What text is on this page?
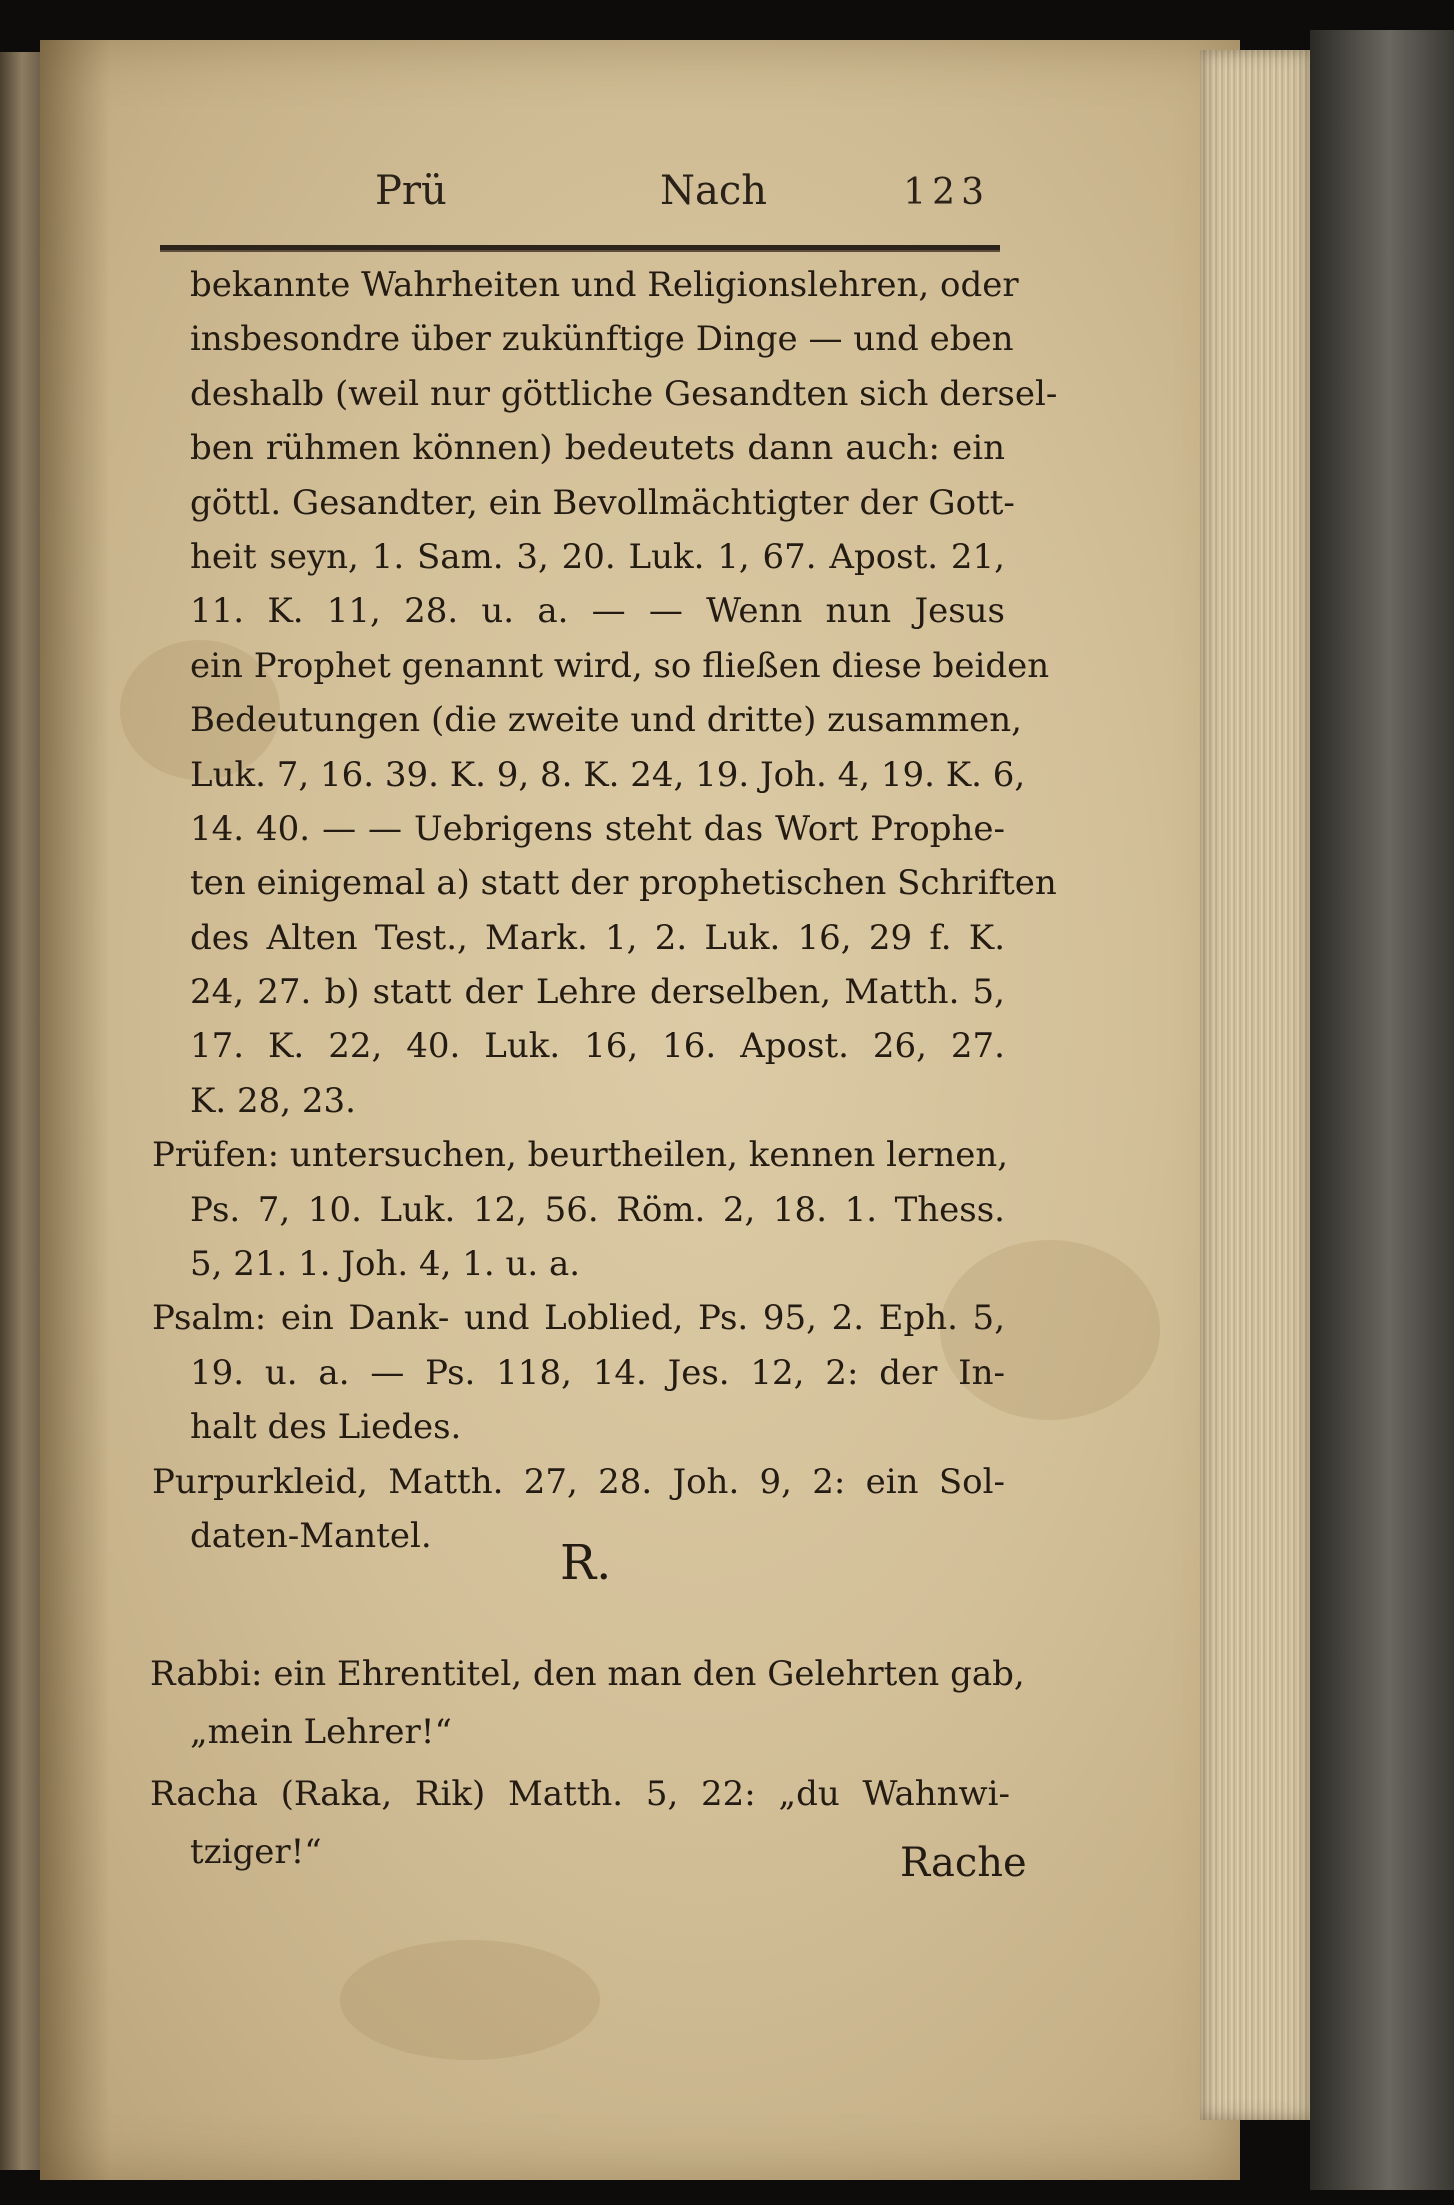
Prü	Nach	123
bekannte Wahrheiten und Religionslehren, oder
insbesondre über zukünftige Dinge — und eben
deshalb (weil nur göttliche Gesandten sich dersel-
ben rühmen können) bedeutets dann auch: ein
göttl. Gesandter, ein Bevollmächtigter der Gott-
heit seyn, 1. Sam. 3, 20. Luk. 1, 67. Apost. 21,
11. K. 11, 28. u. a. — — Wenn nun Jesus
ein Prophet genannt wird, so fließen diese beiden
Bedeutungen (die zweite und dritte) zusammen,
Luk. 7, 16. 39. K. 9, 8. K. 24, 19. Joh. 4, 19. K. 6,
14. 40. — — Uebrigens steht das Wort Prophe-
ten einigemal a) statt der prophetischen Schriften
des Alten Test., Mark. 1, 2. Luk. 16, 29 f. K.
24, 27. b) statt der Lehre derselben, Matth. 5,
17. K. 22, 40. Luk. 16, 16. Apost. 26, 27.
K. 28, 23.
Prüfen: untersuchen, beurtheilen, kennen lernen,
Ps. 7, 10. Luk. 12, 56. Röm. 2, 18. 1. Thess.
5, 21. 1. Joh. 4, 1. u. a.
Psalm: ein Dank- und Loblied, Ps. 95, 2. Eph. 5,
19. u. a. — Ps. 118, 14. Jes. 12, 2: der In-
halt des Liedes.
Purpurkleid, Matth. 27, 28. Joh. 9, 2: ein Sol-
daten-Mantel.	R.
Rabbi: ein Ehrentitel, den man den Gelehrten gab,
„mein Lehrer!“
Racha (Raka, Rik) Matth. 5, 22: „du Wahnwi-
tziger!“	Rache
